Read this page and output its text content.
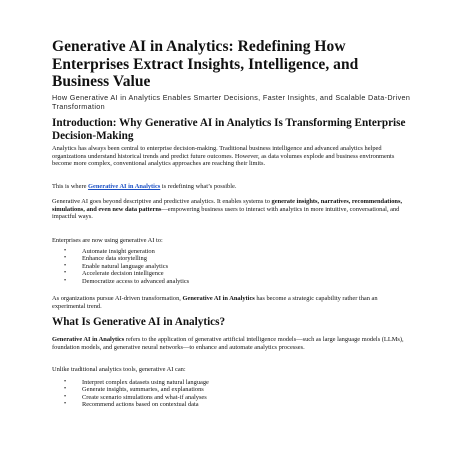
Generative AI in Analytics: Redefining How Enterprises Extract Insights, Intelligence, and Business Value

How Generative AI in Analytics Enables Smarter Decisions, Faster Insights, and Scalable Data-Driven Transformation

Introduction: Why Generative AI in Analytics Is Transforming Enterprise Decision-Making

Analytics has always been central to enterprise decision-making. Traditional business intelligence and advanced analytics helped organizations understand historical trends and predict future outcomes. However, as data volumes explode and business environments become more complex, conventional analytics approaches are reaching their limits.

This is where Generative AI in Analytics is redefining what’s possible.

Generative AI goes beyond descriptive and predictive analytics. It enables systems to generate insights, narratives, recommendations, simulations, and even new data patterns—empowering business users to interact with analytics in more intuitive, conversational, and impactful ways.

Enterprises are now using generative AI to:

• Automate insight generation
• Enhance data storytelling
• Enable natural language analytics
• Accelerate decision intelligence
• Democratize access to advanced analytics

As organizations pursue AI-driven transformation, Generative AI in Analytics has become a strategic capability rather than an experimental trend.

What Is Generative AI in Analytics?

Generative AI in Analytics refers to the application of generative artificial intelligence models—such as large language models (LLMs), foundation models, and generative neural networks—to enhance and automate analytics processes.

Unlike traditional analytics tools, generative AI can:

• Interpret complex datasets using natural language
• Generate insights, summaries, and explanations
• Create scenario simulations and what-if analyses
• Recommend actions based on contextual data
